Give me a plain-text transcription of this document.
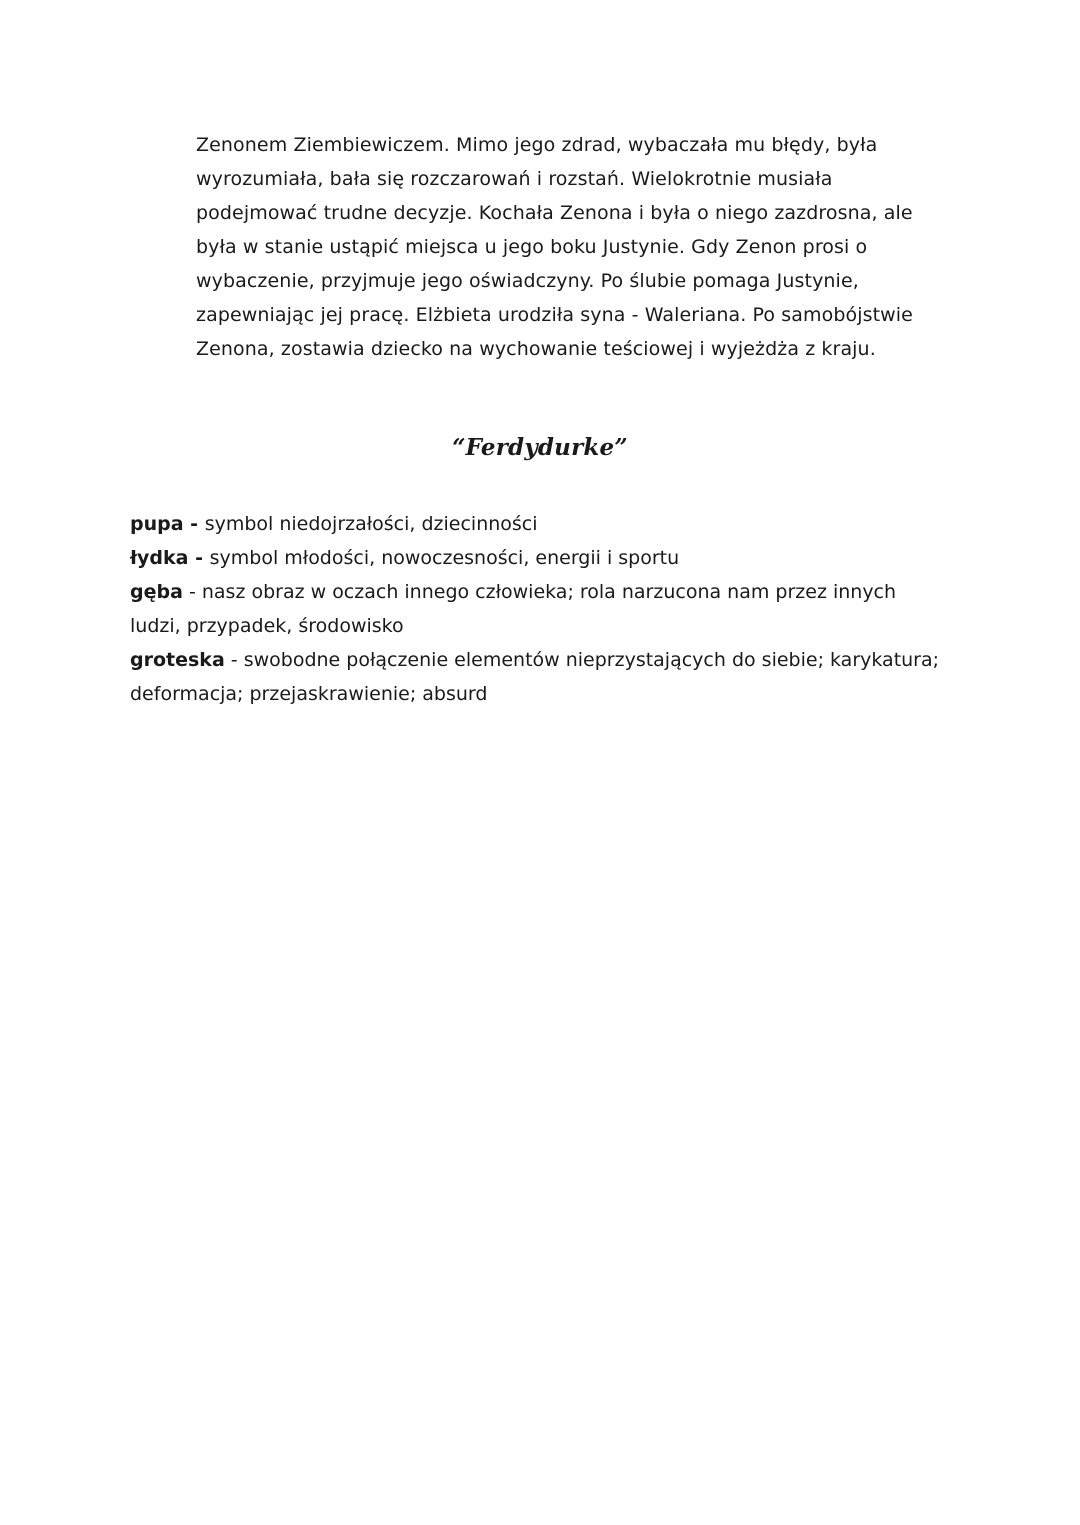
Zenonem Ziembiewiczem. Mimo jego zdrad, wybaczała mu błędy, była
wyrozumiała, bała się rozczarowań i rozstań. Wielokrotnie musiała
podejmować trudne decyzje. Kochała Zenona i była o niego zazdrosna, ale
była w stanie ustąpić miejsca u jego boku Justynie. Gdy Zenon prosi o
wybaczenie, przyjmuje jego oświadczyny. Po ślubie pomaga Justynie,
zapewniając jej pracę. Elżbieta urodziła syna - Waleriana. Po samobójstwie
Zenona, zostawia dziecko na wychowanie teściowej i wyjeżdża z kraju.

“Ferdydurke”
pupa - symbol niedojrzałości, dziecinności
łydka - symbol młodości, nowoczesności, energii i sportu
gęba - nasz obraz w oczach innego człowieka; rola narzucona nam przez innych
ludzi, przypadek, środowisko
groteska - swobodne połączenie elementów nieprzystających do siebie; karykatura;
deformacja; przejaskrawienie; absurd
